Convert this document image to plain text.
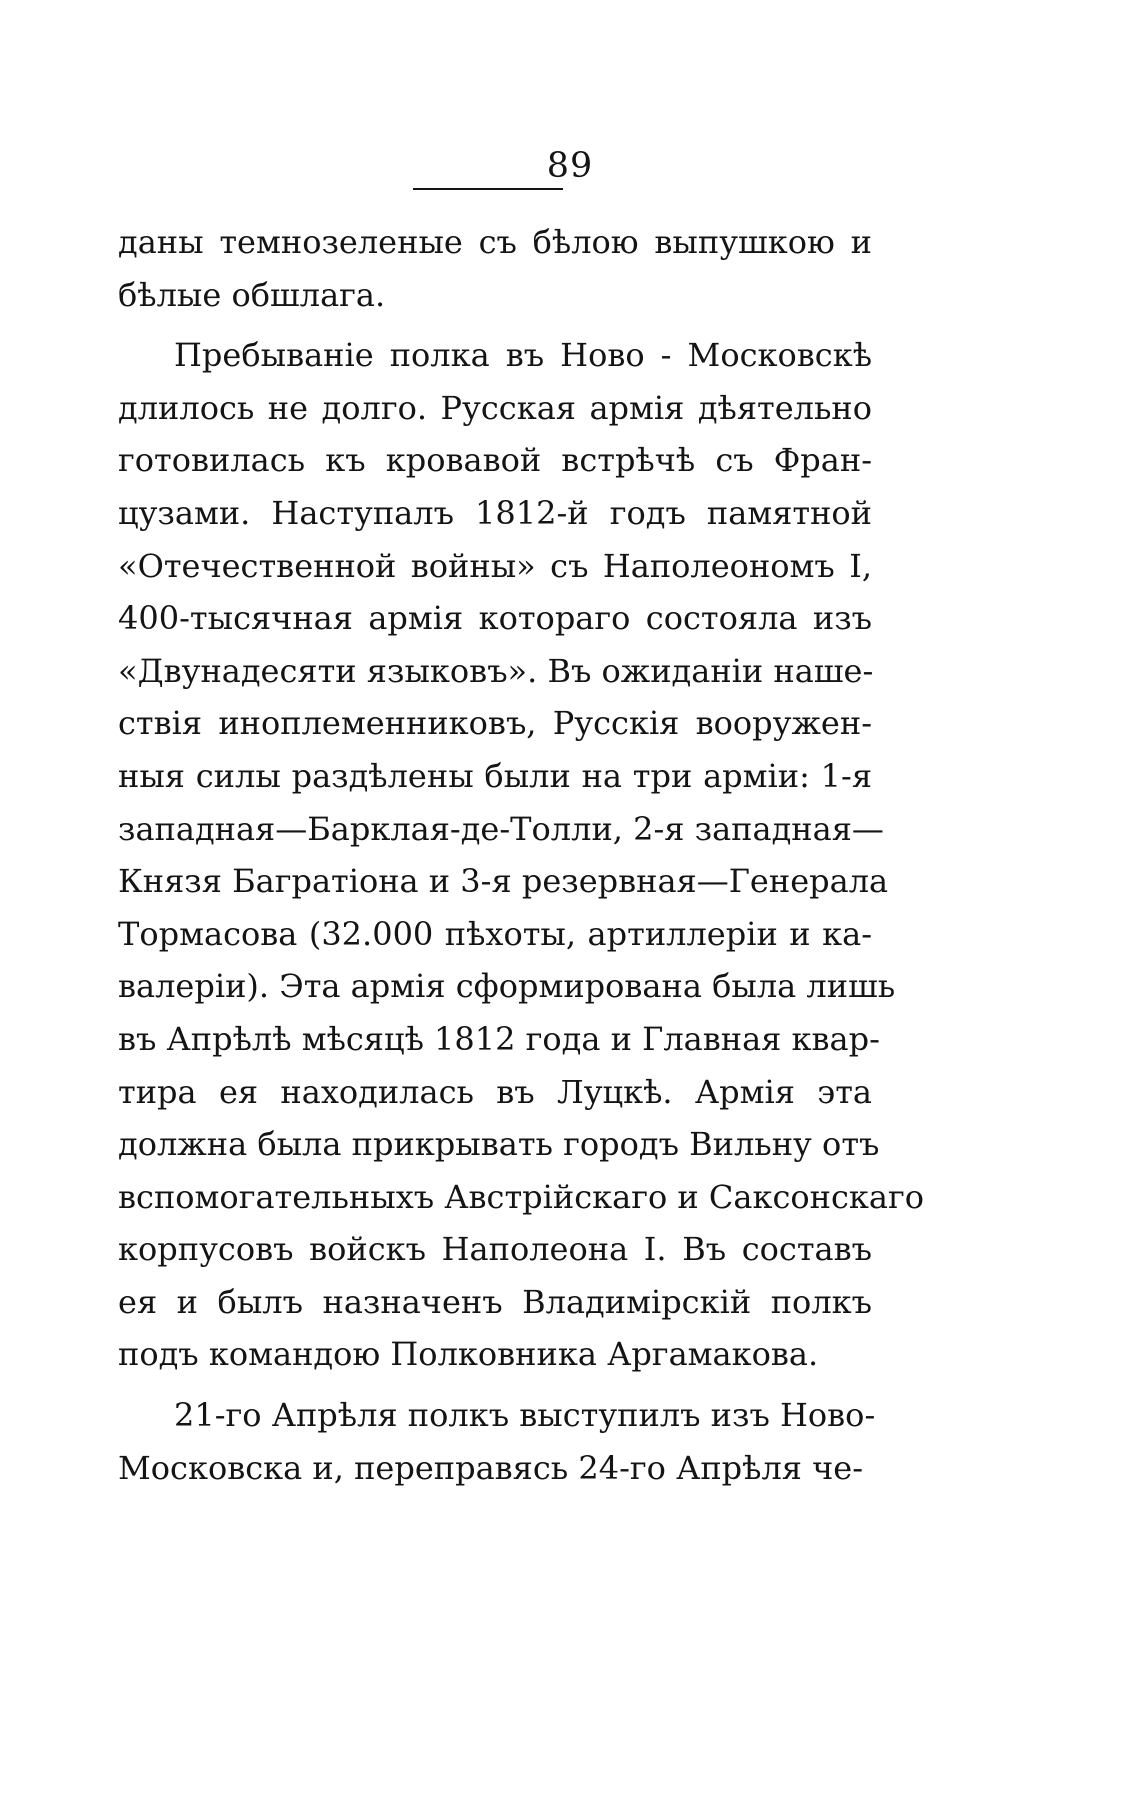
89
даны темнозеленые съ бѣлою выпушкою и
бѣлые обшлага.
Пребываніе полка въ Ново - Московскѣ
длилось не долго. Русская армія дѣятельно
готовилась къ кровавой встрѣчѣ съ Фран-
цузами. Наступалъ 1812-й годъ памятной
«Отечественной войны» съ Наполеономъ I,
400-тысячная армія котораго состояла изъ
«Двунадесяти языковъ». Въ ожиданіи наше-
ствія иноплеменниковъ, Русскія вооружен-
ныя силы раздѣлены были на три арміи: 1-я
западная—Барклая-де-Толли, 2-я западная—
Князя Багратіона и 3-я резервная—Генерала
Тормасова (32.000 пѣхоты, артиллеріи и ка-
валеріи). Эта армія сформирована была лишь
въ Апрѣлѣ мѣсяцѣ 1812 года и Главная квар-
тира ея находилась въ Луцкѣ. Армія эта
должна была прикрывать городъ Вильну отъ
вспомогательныхъ Австрійскаго и Саксонскаго
корпусовъ войскъ Наполеона I. Въ составъ
ея и былъ назначенъ Владимірскій полкъ
подъ командою Полковника Аргамакова.
21-го Апрѣля полкъ выступилъ изъ Ново-
Московска и, переправясь 24-го Апрѣля че-
